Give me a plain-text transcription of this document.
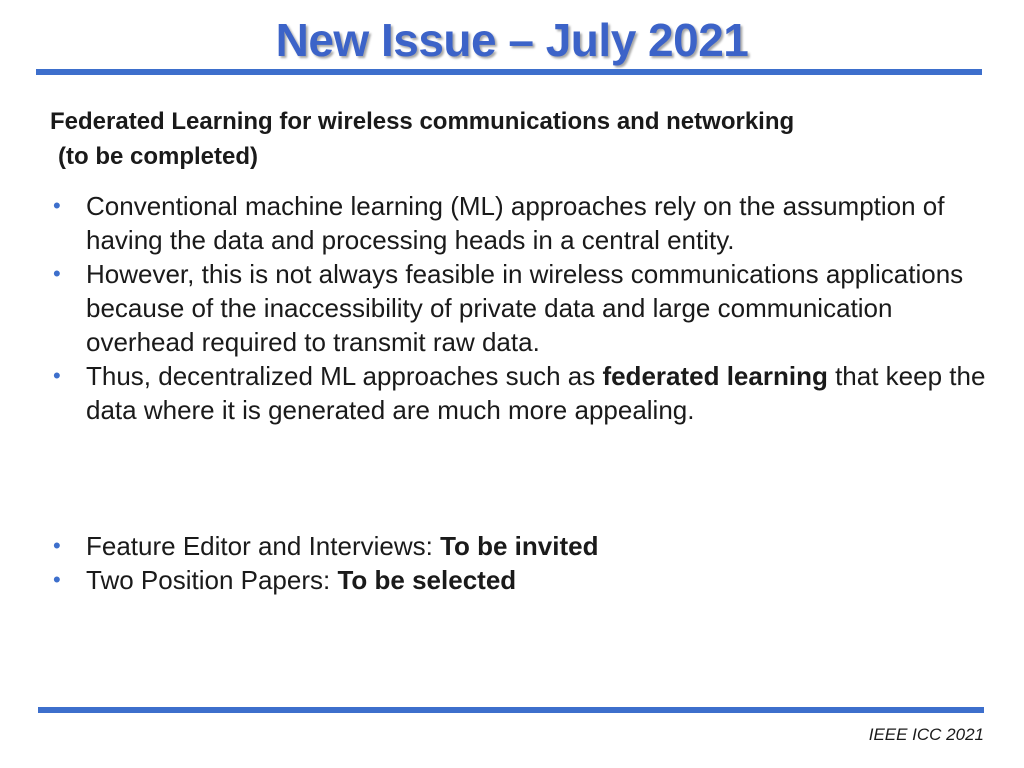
New Issue – July 2021
Federated Learning for wireless communications and networking
(to be completed)
• Conventional machine learning (ML) approaches rely on the assumption of having the data and processing heads in a central entity.
• However, this is not always feasible in wireless communications applications because of the inaccessibility of private data and large communication overhead required to transmit raw data.
• Thus, decentralized ML approaches such as federated learning that keep the data where it is generated are much more appealing.
• Feature Editor and Interviews: To be invited
• Two Position Papers: To be selected
IEEE ICC 2021
